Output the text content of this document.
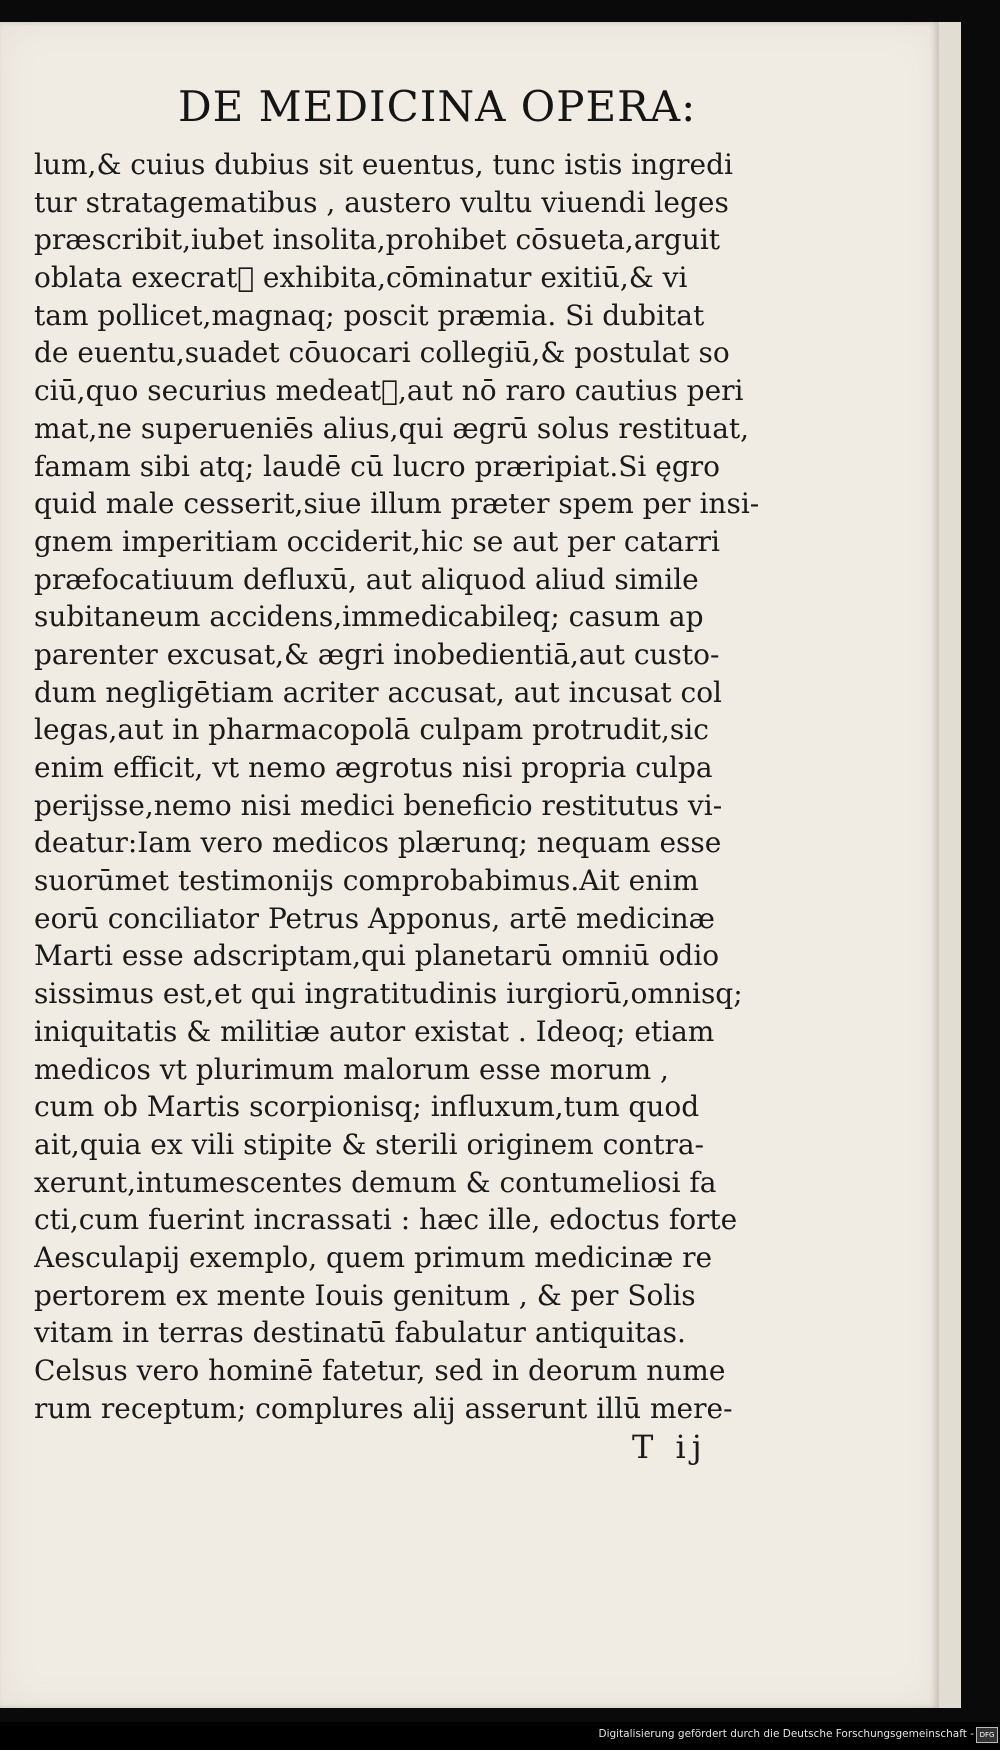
DE MEDICINA OPERA:
lum,& cuius dubius sit euentus, tunc istis ingredi
tur stratagematibus , austero vultu viuendi leges
præscribit,iubet insolita,prohibet cōsueta,arguit
oblata execratᷓ exhibita,cōminatur exitiū,& vi
tam pollicet,magnaq; poscit præmia. Si dubitat
de euentu,suadet cōuocari collegiū,& postulat so
ciū,quo securius medeatᷓ,aut nō raro cautius peri
mat,ne superueniēs alius,qui ægrū solus restituat,
famam sibi atq; laudē cū lucro præripiat.Si ęgro
quid male cesserit,siue illum præter spem per insi-
gnem imperitiam occiderit,hic se aut per catarri
præfocatiuum defluxū, aut aliquod aliud simile
subitaneum accidens,immedicabileq; casum ap
parenter excusat,& ægri inobedientiā,aut custo-
dum negligētiam acriter accusat, aut incusat col
legas,aut in pharmacopolā culpam protrudit,sic
enim efficit, vt nemo ægrotus nisi propria culpa
perijsse,nemo nisi medici beneficio restitutus vi-
deatur:Iam vero medicos plærunq; nequam esse
suorūmet testimonijs comprobabimus.Ait enim
eorū conciliator Petrus Apponus, artē medicinæ
Marti esse adscriptam,qui planetarū omniū odio
sissimus est,et qui ingratitudinis iurgiorū,omnisq;
iniquitatis & militiæ autor existat . Ideoq; etiam
medicos vt plurimum malorum esse morum ,
cum ob Martis scorpionisq; influxum,tum quod
ait,quia ex vili stipite & sterili originem contra-
xerunt,intumescentes demum & contumeliosi fa
cti,cum fuerint incrassati : hæc ille, edoctus forte
Aesculapij exemplo, quem primum medicinæ re
pertorem ex mente Iouis genitum , & per Solis
vitam in terras destinatū fabulatur antiquitas.
Celsus vero hominē fatetur, sed in deorum nume
rum receptum; complures alij asserunt illū mere-
T ij
Digitalisierung gefördert durch die Deutsche Forschungsgemeinschaft - DFG
